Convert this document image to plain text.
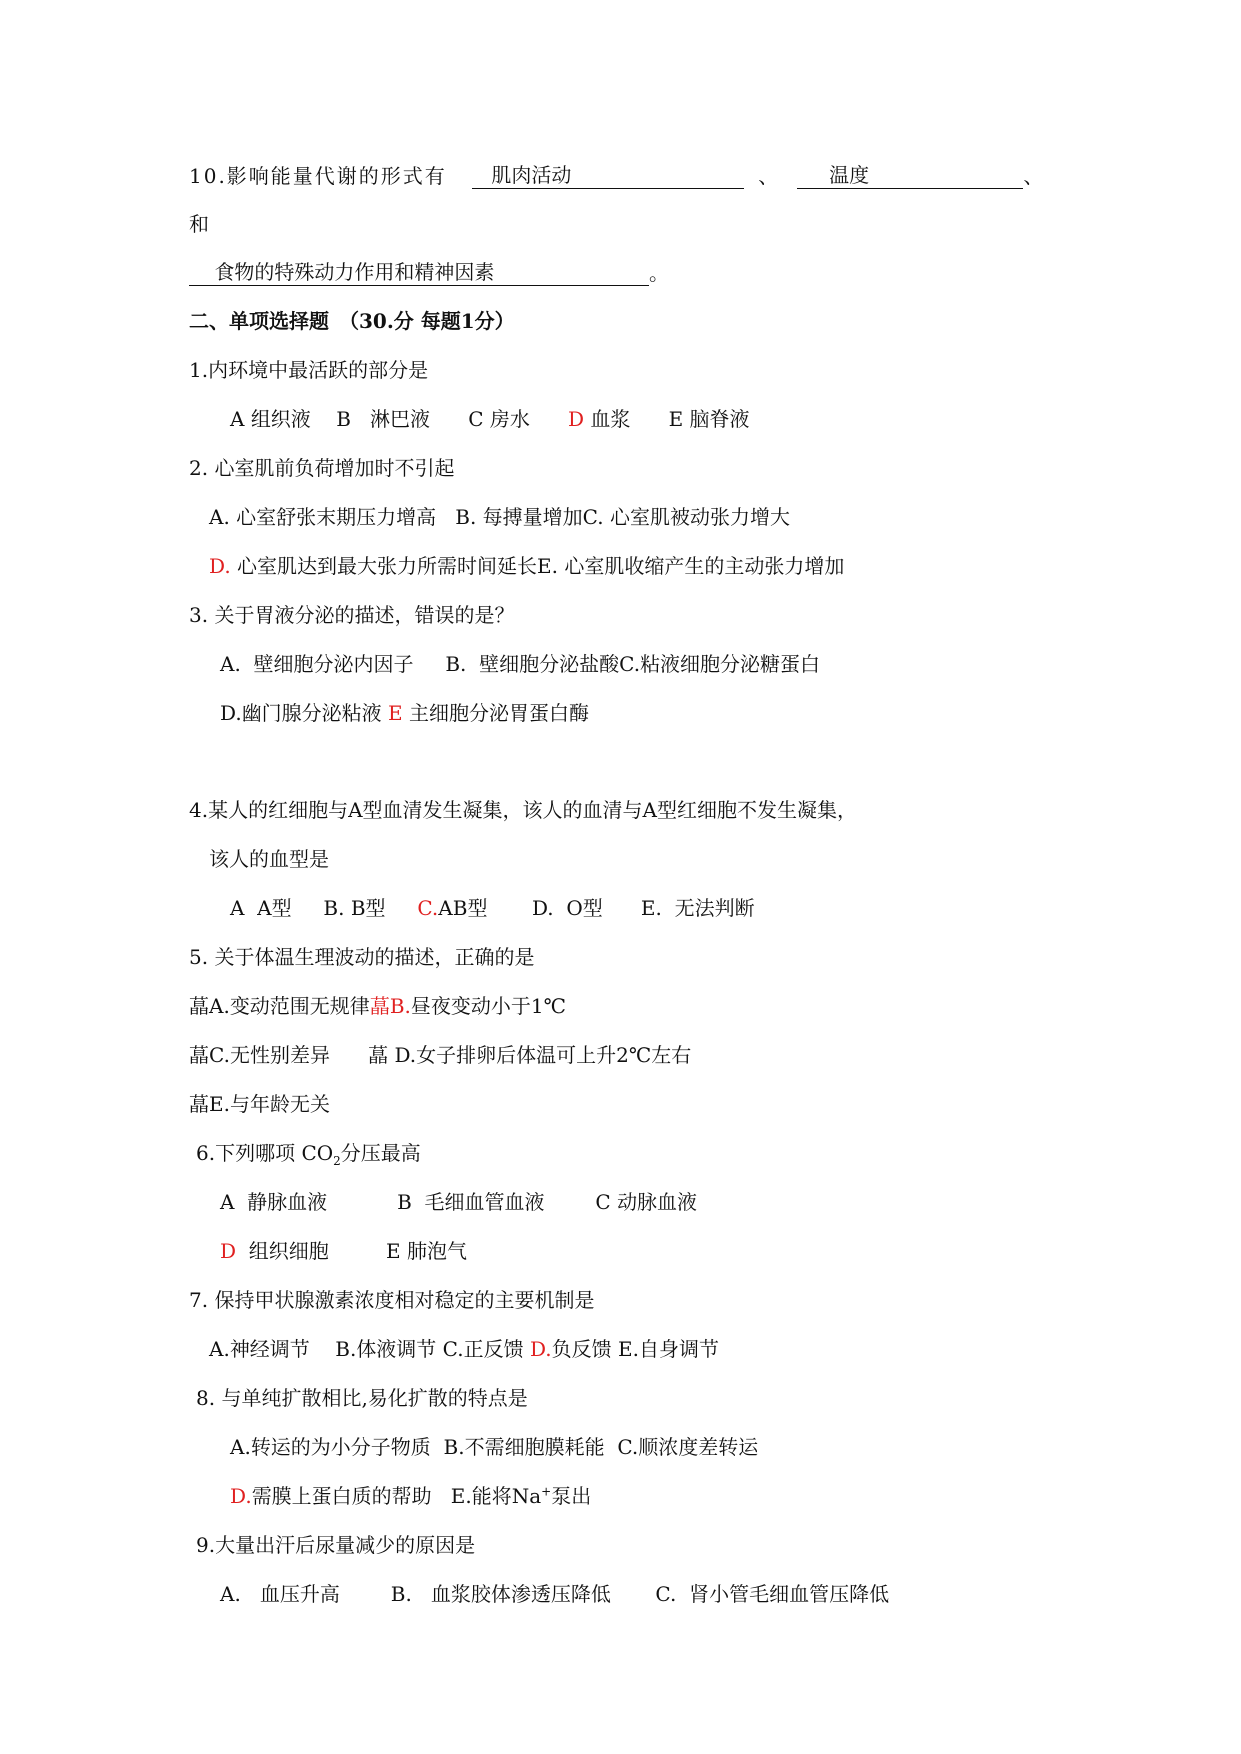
10.影响能量代谢的形式有 肌肉活动	、	温度	、
和
食物的特殊动力作用和精神因素	。
二、单项选择题　（30.分 每题1分）
1.内环境中最活跃的部分是
A 组织液 B 淋巴液 C 房水 D 血浆 E 脑脊液
2. 心室肌前负荷增加时不引起
A. 心室舒张末期压力增高 B. 每搏量增加C. 心室肌被动张力增大
D. 心室肌达到最大张力所需时间延长E. 心室肌收缩产生的主动张力增加
3. 关于胃液分泌的描述，错误的是？
A. 壁细胞分泌内因子 B. 壁细胞分泌盐酸C.粘液细胞分泌糖蛋白
D.幽门腺分泌粘液 E 主细胞分泌胃蛋白酶
4.某人的红细胞与A型血清发生凝集，该人的血清与A型红细胞不发生凝集，
该人的血型是
A A型 B. B型 C.AB型 D. O型 E. 无法判断
5. 关于体温生理波动的描述，正确的是
蕌A.变动范围无规律蕌B.昼夜变动小于1℃
蕌C.无性别差异 蕌 D.女子排卵后体温可上升2℃左右
蕌E.与年龄无关
6.下列哪项 $CO_2$分压最高
A 静脉血液	B 毛细血管血液	C 动脉血液
D 组织细胞	E 肺泡气
7. 保持甲状腺激素浓度相对稳定的主要机制是
A.神经调节 B.体液调节 C.正反馈 D.负反馈 E.自身调节
8. 与单纯扩散相比,易化扩散的特点是
A.转运的为小分子物质 B.不需细胞膜耗能 C.顺浓度差转运
D.需膜上蛋白质的帮助 E.能将Na+泵出
9.大量出汗后尿量减少的原因是
A. 血压升高	B. 血浆胶体渗透压降低 C. 肾小管毛细血管压降低
